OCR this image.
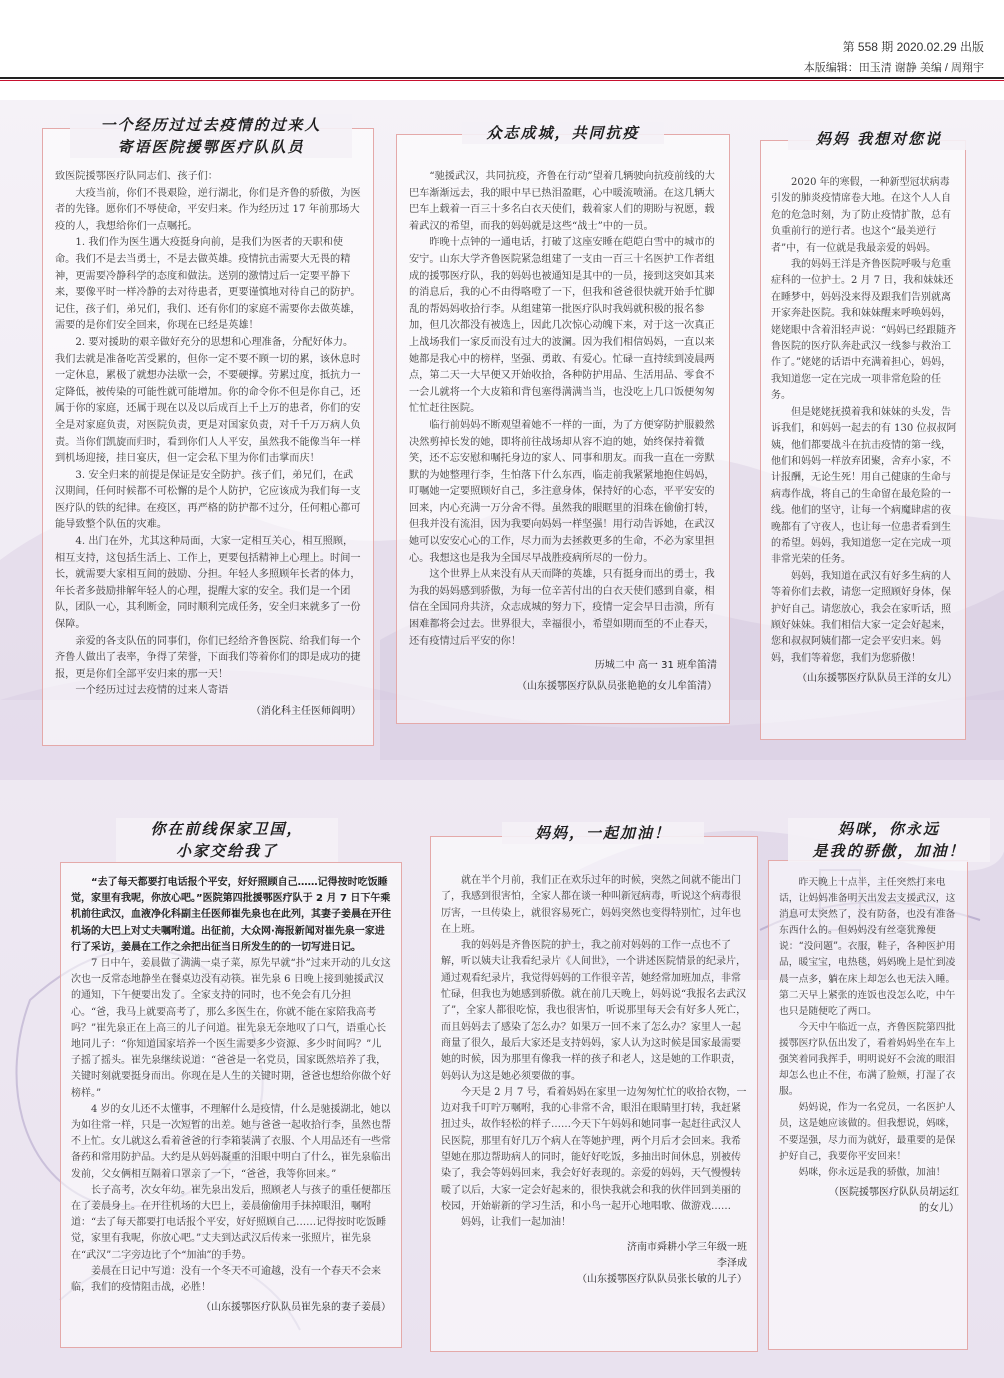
第 558 期 2020.02.29 出版
本版编辑：田玉清 谢静 美编 / 周翔宇
一个经历过过去疫情的过来人
寄语医院援鄂医疗队队员

致医院援鄂医疗队同志们、孩子们：

大疫当前，你们不畏艰险，逆行湖北，你们是齐鲁的骄傲，为医者的先锋。愿你们不辱使命，平安归来。作为经历过 17 年前那场大疫的人，我想给你们一点嘱托。

1. 我们作为医生遇大疫挺身向前，是我们为医者的天职和使命。我们不是去当勇士，不是去做英雄。疫情抗击需要大无畏的精神，更需要冷静科学的态度和做法。送别的激情过后一定要平静下来，要像平时一样冷静的去对待患者，更要谨慎地对待自己的防护。记住，孩子们，弟兄们，我们、还有你们的家庭不需要你去做英雄，需要的是你们安全回来，你现在已经是英雄！

2. 要对援助的艰辛做好充分的思想和心理准备，分配好体力。我们去就是准备吃苦受累的，但你一定不要不顾一切的累，该休息时一定休息，累极了就想办法歇一会，不要硬撑。劳累过度，抵抗力一定降低，被传染的可能性就可能增加。你的命令你不但是你自己，还属于你的家庭，还属于现在以及以后成百上千上万的患者，你们的安全是对家庭负责，对医院负责，更是对国家负责，对千千万万病人负责。当你们凯旋而归时，看到你们人人平安，虽然我不能像当年一样到机场迎接，挂日宴庆，但一定会私下里为你们击掌而庆！

3. 安全归来的前提是保证是安全防护。孩子们，弟兄们，在武汉期间，任何时候都不可松懈的是个人防护，它应该成为我们每一支医疗队的铁的纪律。在疫区，再严格的防护都不过分，任何粗心都可能导致整个队伍的灾难。

4. 出门在外，尤其这种局面，大家一定相互关心，相互照顾，相互支持，这包括生活上、工作上，更要包括精神上心理上。时间一长，就需要大家相互间的鼓励、分担。年轻人多照顾年长者的体力，年长者多鼓励排解年轻人的心理，提醒大家的安全。我们是一个团队，团队一心，其利断金，同时顺利完成任务，安全归来就多了一份保障。

亲爱的各支队伍的同事们，你们已经给齐鲁医院、给我们每一个齐鲁人做出了表率，争得了荣誉，下面我们等着你们的即是成功的捷报，更是你们全部平安归来的那一天！

一个经历过过去疫情的过来人寄语

（消化科主任医师阎明）
众志成城，共同抗疫

“驰援武汉，共同抗疫，齐鲁在行动”望着几辆驶向抗疫前线的大巴车渐渐远去，我的眼中早已热泪盈眶，心中暖流喷涌。在这几辆大巴车上载着一百三十多名白衣天使们，载着家人们的期盼与祝愿，载着武汉的希望，而我的妈妈就是这些“战士”中的一员。

昨晚十点钟的一通电话，打破了这座安睡在皑皑白雪中的城市的安宁。山东大学齐鲁医院紧急组建了一支由一百三十名医护工作者组成的援鄂医疗队，我的妈妈也被通知是其中的一员，接到这突如其来的消息后，我的心不由得咯噔了一下，但我和爸爸很快就开始手忙脚乱的帮妈妈收拾行李。从组建第一批医疗队时我妈就积极的报名参加，但几次都没有被选上，因此几次惊心动魄下来，对于这一次真正上战场我们一家反而没有过大的波澜。因为我们相信妈妈，一直以来她都是我心中的榜样，坚强、勇敢、有爱心。忙碌一直持续到凌晨两点，第二天一大早便又开始收拾，各种防护用品、生活用品、零食不一会儿就将一个大皮箱和背包塞得满满当当，也没吃上几口饭便匆匆忙忙赶往医院。

临行前妈妈不断观望着她不一样的一面，为了方便穿防护服毅然决然剪掉长发的她，即将前往战场却从容不迫的她，始终保持着微笑，还不忘安慰和嘱托身边的家人、同事和朋友。而我一直在一旁默默的为她整理行李，生怕落下什么东西，临走前我紧紧地抱住妈妈，叮嘱她一定要照顾好自己，多注意身体，保持好的心态，平平安安的回来，内心充满一万分舍不得。虽然我的眼眶里的泪珠在偷偷打转，但我并没有流泪，因为我要向妈妈一样坚强！用行动告诉她，在武汉她可以安安心心的工作，尽力而为去拯救更多的生命，不必为家里担心。我想这也是我为全国尽早战胜疫病所尽的一份力。

这个世界上从来没有从天而降的英雄，只有挺身而出的勇士，我为我的妈妈感到骄傲，为每一位辛苦付出的白衣天使们感到自豪，相信在全国同舟共济，众志成城的努力下，疫情一定会早日击溃，所有困难都将会过去。世界很大，幸福很小，希望如期而至的不止春天，还有疫情过后平安的你！

历城二中 高一 31 班牟笛清
（山东援鄂医疗队队员张艳艳的女儿牟笛清）
妈妈 我想对您说

2020 年的寒假，一种新型冠状病毒引发的肺炎疫情席卷大地。在这个人人自危的危急时刻，为了防止疫情扩散，总有负重前行的逆行者。也这个“最美逆行者”中，有一位就是我最亲爱的妈妈。

我的妈妈王洋是齐鲁医院呼吸与危重症科的一位护士。2 月 7 日，我和妹妹还在睡梦中，妈妈没来得及跟我们告别就离开家奔赴医院。我和妹妹醒来呼唤妈妈，姥姥眼中含着泪轻声说：“妈妈已经跟随齐鲁医院的医疗队奔赴武汉一线参与救治工作了。”姥姥的话语中充满着担心，妈妈，我知道您一定在完成一项非常危险的任务。

但是姥姥抚摸着我和妹妹的头发，告诉我们，和妈妈一起去的有 130 位叔叔阿姨，他们都要战斗在抗击疫情的第一线，他们和妈妈一样放弃团聚，舍弃小家，不计报酬，无论生死！用自己健康的生命与病毒作战，将自己的生命留在最危险的一线。他们的坚守，让每一个病魔肆虐的夜晚都有了守夜人，也让每一位患者看到生的希望。妈妈，我知道您一定在完成一项非常光荣的任务。

妈妈，我知道在武汉有好多生病的人等着你们去救，请您一定照顾好身体，保护好自己。请您放心，我会在家听话，照顾好妹妹。我们相信大家一定会好起来，您和叔叔阿姨们都一定会平安归来。妈妈，我们等着您，我们为您骄傲！

（山东援鄂医疗队队员王洋的女儿）
你在前线保家卫国，
小家交给我了

“去了每天都要打电话报个平安，好好照顾自己……记得按时吃饭睡觉，家里有我呢，你放心吧。”医院第四批援鄂医疗队于 2 月 7 日下午乘机前往武汉，血液净化科副主任医师崔先泉也在此列，其妻子姜晨在开往机场的大巴上对丈夫嘱咐道。出征前，大众网·海报新闻对崔先泉一家进行了采访，姜晨在工作之余把出征当日所发生的的一切写进日记。

7 日中午，姜晨做了满满一桌子菜，原先早就“扑”过来开动的儿女这次也一反常态地静坐在餐桌边没有动筷。崔先泉 6 日晚上接到驰援武汉的通知，下午便要出发了。全家支持的同时，也不免会有几分担心。“爸，我马上就要高考了，那么多医生在，你就不能在家陪我高考吗？”崔先泉正在上高三的儿子问道。崔先泉无奈地叹了口气，语重心长地同儿子：“你知道国家培养一个医生需要多少资源、多少时间吗？”儿子摇了摇头。崔先泉继续说道：“爸爸是一名党员，国家既然培养了我，关键时刻就要挺身而出。你现在是人生的关键时期，爸爸也想给你做个好榜样。”

4 岁的女儿还不太懂事，不理解什么是疫情，什么是驰援湖北，她以为如往常一样，只是一次短暂的出差。她与爸爸一起收拾行李，虽然也帮不上忙。女儿就这么看着爸爸的行李箱装满了衣服、个人用品还有一些常备药和常用防护品。大约是从妈妈凝重的泪眼中明白了什么，崔先泉临出发前，父女俩相互隔着口罩亲了一下，“爸爸，我等你回来。”

长子高考，次女年幼。崔先泉出发后，照顾老人与孩子的重任便都压在了姜晨身上。在开往机场的大巴上，姜晨偷偷用手抹掉眼泪，嘱咐道：“去了每天都要打电话报个平安，好好照顾自己……记得按时吃饭睡觉，家里有我呢，你放心吧。”丈夫到达武汉后传来一张照片，崔先泉在“武汉”二字旁边比了个“加油”的手势。

姜晨在日记中写道：没有一个冬天不可逾越，没有一个春天不会来临，我们的疫情阻击战，必胜！

（山东援鄂医疗队队员崔先泉的妻子姜晨）
妈妈，一起加油！

就在半个月前，我们正在欢乐过年的时候，突然之间就不能出门了，我感到很害怕，全家人都在谈一种叫新冠病毒，听说这个病毒很厉害，一旦传染上，就很容易死亡，妈妈突然也变得特别忙，过年也在上班。

我的妈妈是齐鲁医院的护士，我之前对妈妈的工作一点也不了解，听以姨夫让我看纪录片《人间世》，一个讲述医院情景的纪录片，通过观看纪录片，我觉得妈妈的工作很辛苦，她经常加班加点，非常忙碌，但我也为她感到骄傲。就在前几天晚上，妈妈说“我报名去武汉了”，全家人都很吃惊，我也很害怕，听说那里每天会有好多人死亡，而且妈妈去了感染了怎么办？如果万一回不来了怎么办？家里人一起商量了很久，最后大家还是支持妈妈，家人认为这时候是国家最需要她的时候，因为那里有像我一样的孩子和老人，这是她的工作职责，妈妈认为这是她必须要做的事。

今天是 2 月 7 号，看着妈妈在家里一边匆匆忙忙的收拾衣物，一边对我千叮咛万嘱咐，我的心非常不舍，眼泪在眼睛里打转，我赶紧扭过头，故作轻松的样子……今天下午妈妈和她同事一起赶往武汉人民医院，那里有好几万个病人在等她护理，两个月后才会回来。我希望她在那边帮助病人的同时，能好好吃饭，多抽出时间休息，别被传染了，我会等妈妈回来，我会好好表现的。亲爱的妈妈，天气慢慢转暖了以后，大家一定会好起来的，很快我就会和我的伙伴回到美丽的校园，开始崭新的学习生活，和小鸟一起开心地唱歌、做游戏……

妈妈，让我们一起加油！

济南市舜耕小学三年级一班
李泽成
（山东援鄂医疗队队员张长敏的儿子）
妈咪，你永远
是我的骄傲，加油！

昨天晚上十点半，主任突然打来电话，让妈妈准备明天出发去支援武汉，这消息可太突然了，没有防备，也没有准备东西什么的。但妈妈没有丝毫犹豫便说：“没问题”。衣服，鞋子，各种医护用品，暖宝宝，电热毯，妈妈晚上是忙到凌晨一点多，躺在床上却怎么也无法入睡。第二天早上紧张的连饭也没怎么吃，中午也只是随便吃了两口。

今天中午临近一点，齐鲁医院第四批援鄂医疗队伍出发了，看着妈妈坐在车上强笑着同我挥手，明明说好不会流的眼泪却怎么也止不住，布满了脸颊，打湿了衣服。

妈妈说，作为一名党员，一名医护人员，这是她应该做的。但我想说，妈咪，不要逞强，尽力而为就好，最重要的是保护好自己，我要你平安回来！

妈咪，你永远是我的骄傲，加油！

（医院援鄂医疗队队员胡运红
的女儿）
